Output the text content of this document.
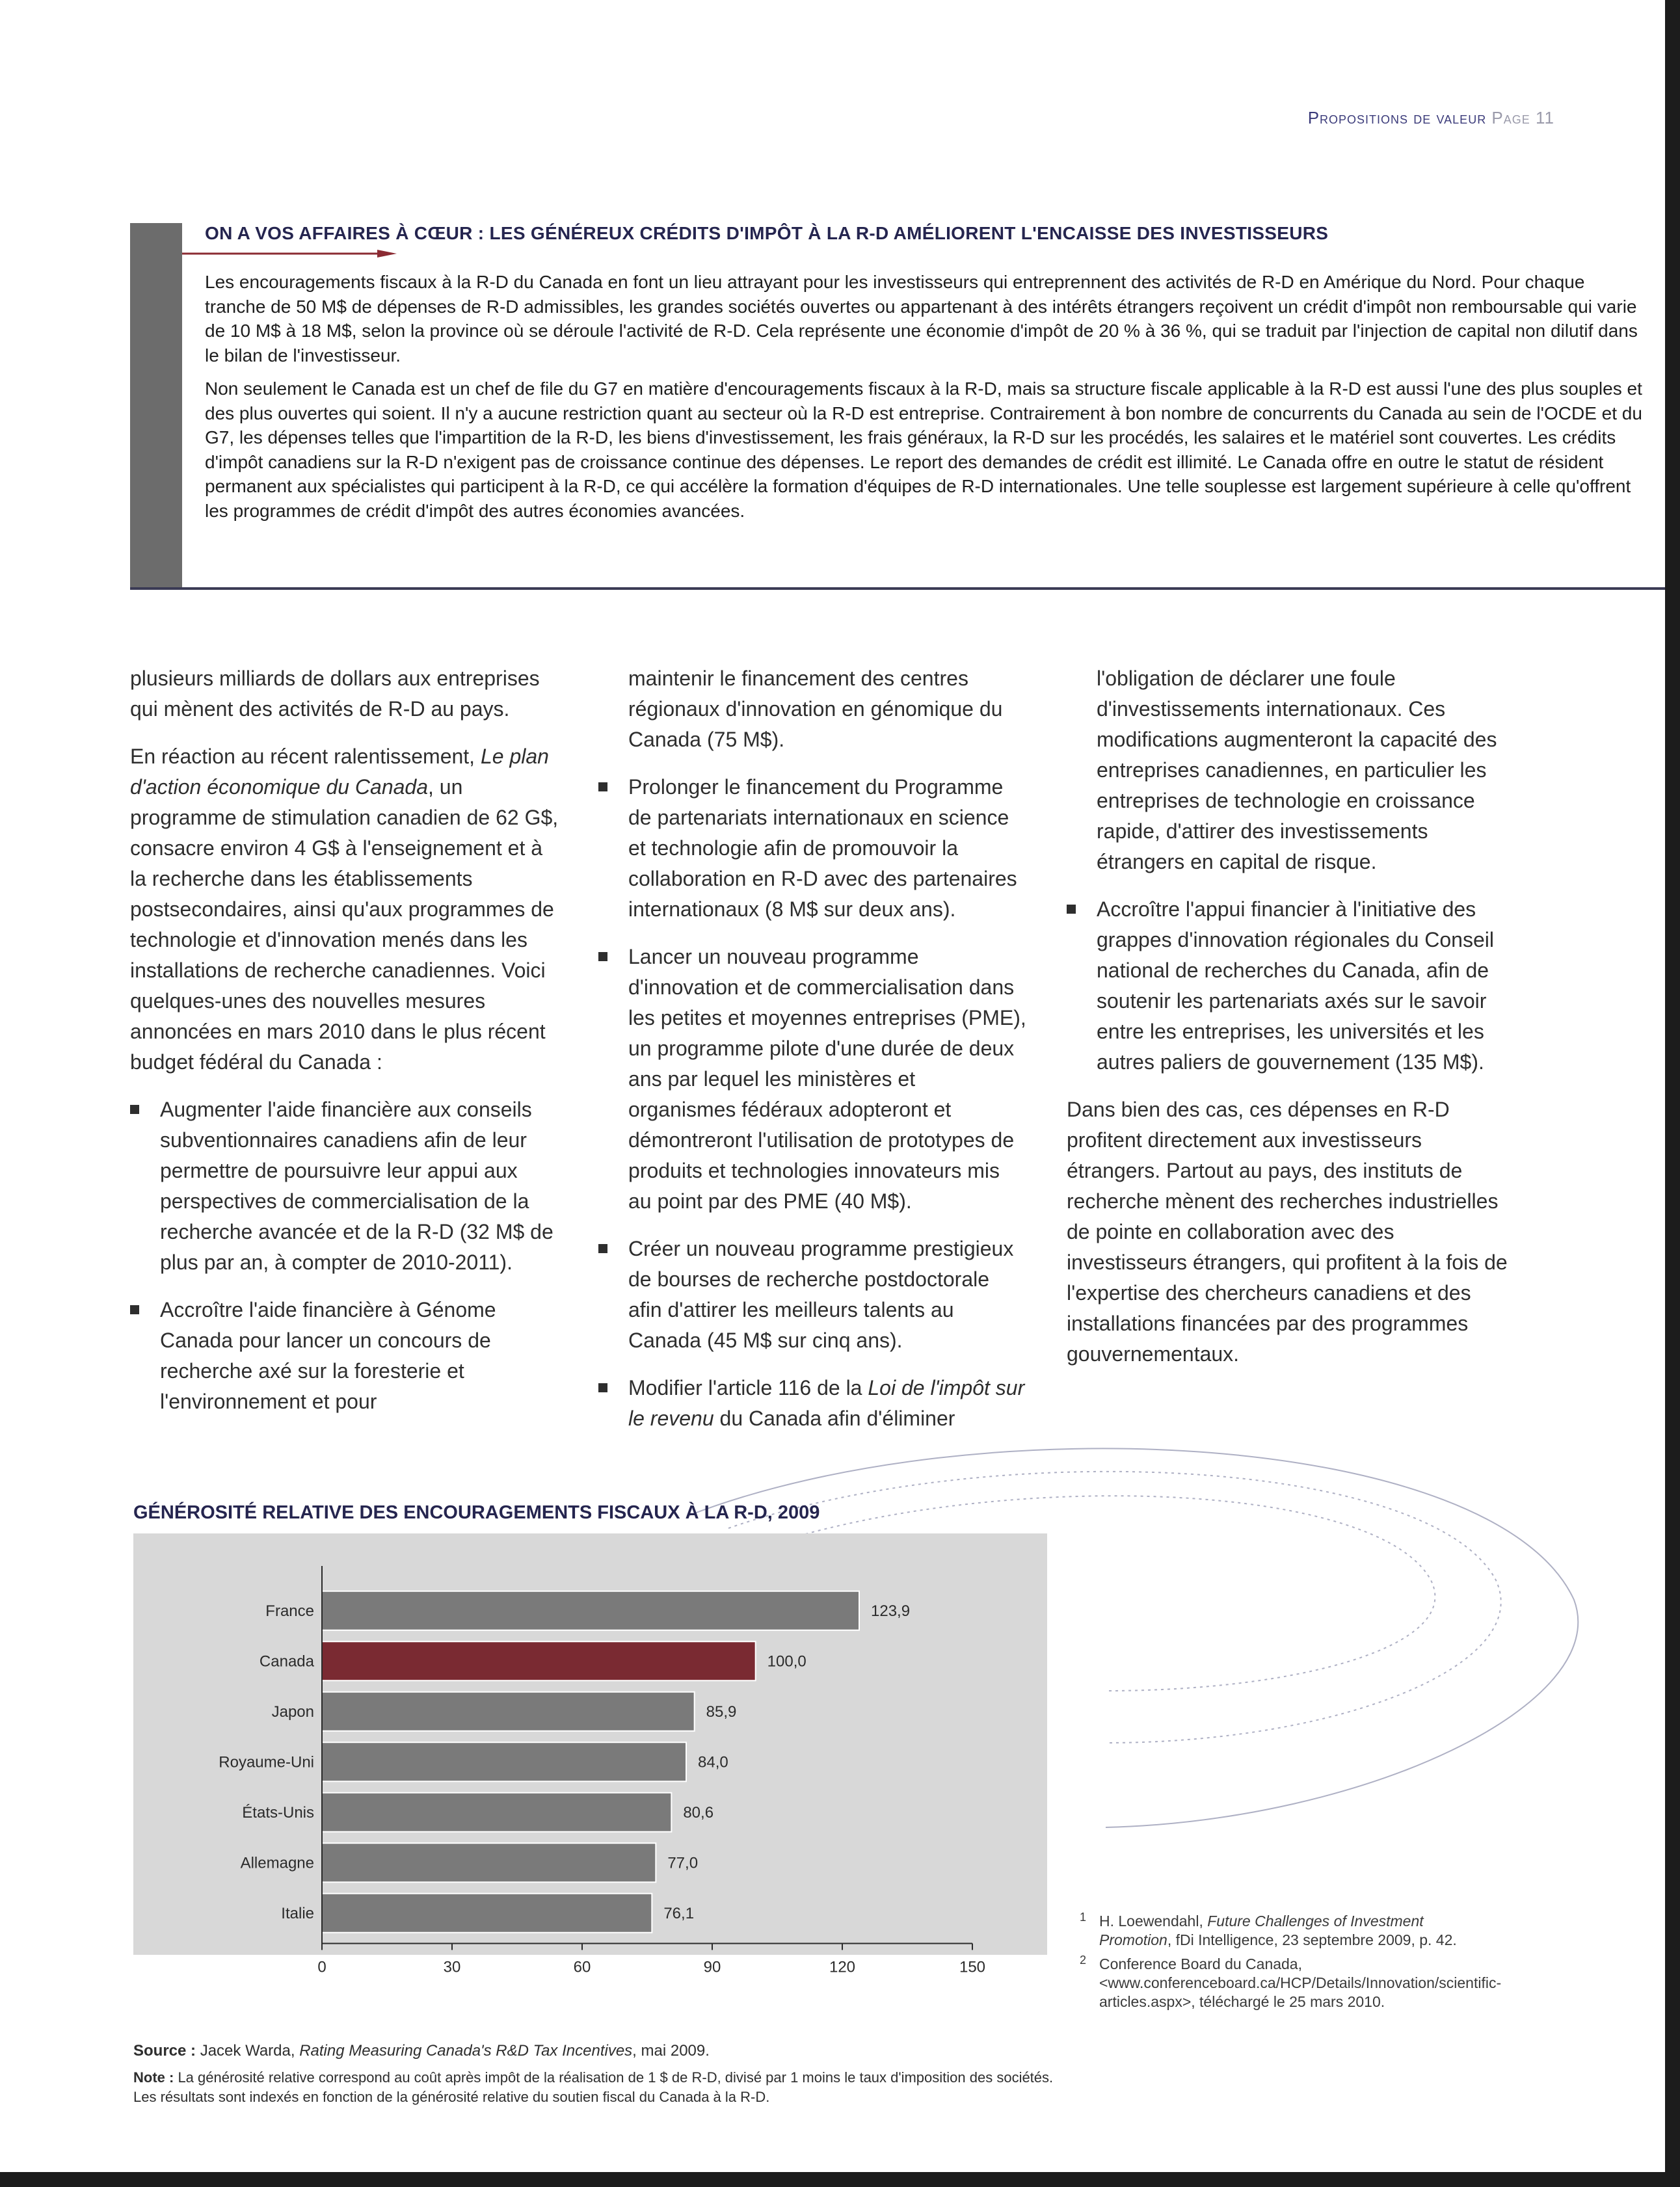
Propositions de valeur Page 11
ON A VOS AFFAIRES À CŒUR : LES GÉNÉREUX CRÉDITS D'IMPÔT À LA R-D AMÉLIORENT L'ENCAISSE DES INVESTISSEURS

Les encouragements fiscaux à la R-D du Canada en font un lieu attrayant pour les investisseurs qui entreprennent des activités de R-D en Amérique du Nord. Pour chaque tranche de 50 M$ de dépenses de R-D admissibles, les grandes sociétés ouvertes ou appartenant à des intérêts étrangers reçoivent un crédit d'impôt non remboursable qui varie de 10 M$ à 18 M$, selon la province où se déroule l'activité de R-D. Cela représente une économie d'impôt de 20 % à 36 %, qui se traduit par l'injection de capital non dilutif dans le bilan de l'investisseur.

Non seulement le Canada est un chef de file du G7 en matière d'encouragements fiscaux à la R-D, mais sa structure fiscale applicable à la R-D est aussi l'une des plus souples et des plus ouvertes qui soient. Il n'y a aucune restriction quant au secteur où la R-D est entreprise. Contrairement à bon nombre de concurrents du Canada au sein de l'OCDE et du G7, les dépenses telles que l'impartition de la R-D, les biens d'investissement, les frais généraux, la R-D sur les procédés, les salaires et le matériel sont couvertes. Les crédits d'impôt canadiens sur la R-D n'exigent pas de croissance continue des dépenses. Le report des demandes de crédit est illimité. Le Canada offre en outre le statut de résident permanent aux spécialistes qui participent à la R-D, ce qui accélère la formation d'équipes de R-D internationales. Une telle souplesse est largement supérieure à celle qu'offrent les programmes de crédit d'impôt des autres économies avancées.

plusieurs milliards de dollars aux entreprises qui mènent des activités de R-D au pays.

En réaction au récent ralentissement, Le plan d'action économique du Canada, un programme de stimulation canadien de 62 G$, consacre environ 4 G$ à l'enseignement et à la recherche dans les établissements postsecondaires, ainsi qu'aux programmes de technologie et d'innovation menés dans les installations de recherche canadiennes. Voici quelques-unes des nouvelles mesures annoncées en mars 2010 dans le plus récent budget fédéral du Canada :

Augmenter l'aide financière aux conseils subventionnaires canadiens afin de leur permettre de poursuivre leur appui aux perspectives de commercialisation de la recherche avancée et de la R-D (32 M$ de plus par an, à compter de 2010-2011).
Accroître l'aide financière à Génome Canada pour lancer un concours de recherche axé sur la foresterie et l'environnement et pour

maintenir le financement des centres régionaux d'innovation en génomique du Canada (75 M$).

Prolonger le financement du Programme de partenariats internationaux en science et technologie afin de promouvoir la collaboration en R-D avec des partenaires internationaux (8 M$ sur deux ans).
Lancer un nouveau programme d'innovation et de commercialisation dans les petites et moyennes entreprises (PME), un programme pilote d'une durée de deux ans par lequel les ministères et organismes fédéraux adopteront et démontreront l'utilisation de prototypes de produits et technologies innovateurs mis au point par des PME (40 M$).
Créer un nouveau programme prestigieux de bourses de recherche postdoctorale afin d'attirer les meilleurs talents au Canada (45 M$ sur cinq ans).
Modifier l'article 116 de la Loi de l'impôt sur le revenu du Canada afin d'éliminer

l'obligation de déclarer une foule d'investissements internationaux. Ces modifications augmenteront la capacité des entreprises canadiennes, en particulier les entreprises de technologie en croissance rapide, d'attirer des investissements étrangers en capital de risque.

Accroître l'appui financier à l'initiative des grappes d'innovation régionales du Conseil national de recherches du Canada, afin de soutenir les partenariats axés sur le savoir entre les entreprises, les universités et les autres paliers de gouvernement (135 M$).

Dans bien des cas, ces dépenses en R-D profitent directement aux investisseurs étrangers. Partout au pays, des instituts de recherche mènent des recherches industrielles de pointe en collaboration avec des investisseurs étrangers, qui profitent à la fois de l'expertise des chercheurs canadiens et des installations financées par des programmes gouvernementaux.

GÉNÉROSITÉ RELATIVE DES ENCOURAGEMENTS FISCAUX À LA R-D, 2009
France	123,9
Canada	100,0
Japon	85,9
Royaume-Uni	84,0
États-Unis	80,6
Allemagne	77,0
Italie	76,1
0	30	60	90	120	150
Source : Jacek Warda, Rating Measuring Canada's R&D Tax Incentives, mai 2009.
Note : La générosité relative correspond au coût après impôt de la réalisation de 1 $ de R-D, divisé par 1 moins le taux d'imposition des sociétés. Les résultats sont indexés en fonction de la générosité relative du soutien fiscal du Canada à la R-D.
1 H. Loewendahl, Future Challenges of Investment Promotion, fDi Intelligence, 23 septembre 2009, p. 42.
2 Conference Board du Canada, <www.conferenceboard.ca/HCP/Details/Innovation/scientific-articles.aspx>, téléchargé le 25 mars 2010.
